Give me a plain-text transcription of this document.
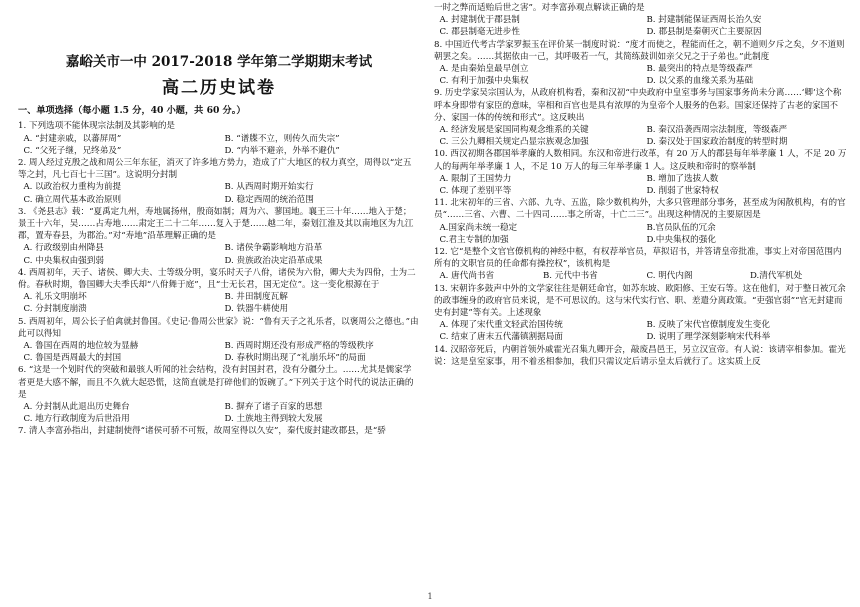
嘉峪关市一中 2017-2018 学年第二学期期末考试
高二历史试卷
一、单项选择（每小题 1.5 分，40 小题，共 60 分。）
1. 下列选项不能体现宗法制及其影响的是
A. “封建亲戚，以蕃屏周”	B. “谱牒不立，则传久而失宗”
C. “父死子继，兄终弟及”	D. “内举不避亲，外举不避仇”
2. 周人经过克殷之战和周公三年东征，消灭了许多地方势力，造成了广大地区的权力真空，周得以“定五等之封，凡七百七十三国”。这说明分封制
A. 以政治权力重构为前提	B. 从西周时期开始实行
C. 确立周代基本政治原则	D. 稳定西周的统治范围
3. 《尧县志》载：“夏禹定九州，寿地属扬州，殷商如制；周为六、蓼国地。襄王三十年……地入于楚；景王十六年，吴……占寿地……肃定王二十二年……复入于楚……越二年，秦划江淮及其以南地区为九江郡，置寿春县，为郡治。”对“寿地”沿革理解正确的是
A. 行政级别由州降县	B. 诸侯争霸影响地方沿革
C. 中央集权由强到弱	D. 贵族政治决定沿革成果
4. 西周初年，天子、诸侯、卿大夫、士等级分明，宴乐时天子八佾，诸侯为六佾，卿大夫为四佾，士为二佾。春秋时期，鲁国卿大夫季氏却“八佾舞于庭”，且“士无长君，国无定位”。这一变化根源在于
A. 礼乐文明崩坏	B. 井田制度瓦解
C. 分封制度崩溃	D. 铁器牛耕使用
5. 西周初年，周公长子伯禽就封鲁国。《史记·鲁周公世家》说：“鲁有天子之礼乐者，以褒周公之德也。”由此可以得知
A. 鲁国在西周的地位较为显赫	B. 西周时期还没有形成严格的等级秩序
C. 鲁国是西周最大的封国	D. 春秋时期出现了“礼崩乐坏”的局面
6. “这是一个划时代的突破和最骇人听闻的社会结构，没有封国封君，没有分疆分土。……尤其是儒家学者更是大感不解，而且不久就大起恐慌，这简直就是打碎他们的饭碗了。”下列关于这个时代的说法正确的是
A. 分封制从此退出历史舞台	B. 摒弃了诸子百家的思想
C. 地方行政制度为后世沿用	D. 土族地主得到较大发展
7. 清人李富孙指出，封建制使得“诸侯可骄不可叛，故周室得以久安”，秦代废封建改郡县，是“骄
一时之弊而适贻后世之害”。对李富孙观点解读正确的是
A. 封建制优于郡县制	B. 封建制能保证西周长治久安
C. 郡县制毫无进步性	D. 郡县制是秦朝灭亡主要原因
8. 中国近代考古学家罗振玉在评价某一制度时说：“度才而使之，程能而任之，朝不道则夕斥之矣，夕不道则朝罢之矣。……其据依由一己，其呼吸若一气，其简练鼓训如亲父兄之于子弟也。”此制度
A. 是由秦始皇最早创立	B. 最突出的特点是等级森严
C. 有利于加强中央集权	D. 以父系的血缘关系为基础
9. 历史学家吴宗国认为，从政府机构看，秦和汉初“中央政府中皇室事务与国家事务尚未分离……‘卿’这个称呼本身即带有家臣的意味，宰相和百官也是具有浓厚的为皇帝个人服务的色彩。国家还保持了古老的家国不分、家国一体的传统和形式”。这反映出
A. 经济发展是家国同构观念维系的关键	B. 秦汉沿袭西周宗法制度，等级森严
C. 三公九卿相关规定凸显宗族观念加强	D. 秦汉处于国家政治制度的转型时期
10. 西汉初期各郡国举孝廉的人数相同。东汉和帝进行改革，有 20 万人的郡县每年举孝廉 1 人，不足 20 万人的每两年举孝廉 1 人，不足 10 万人的每三年举孝廉 1 人。这反映和帝时的察举制
A. 限制了王国势力	B. 增加了选拔人数
C. 体现了差别平等	D. 削弱了世家特权
11. 北宋初年的三省、六部、九寺、五监，除少数机构外，大多只管理部分事务，甚至成为闲散机构，有的官员“……三省、六曹、二十四司……事之所寄，十亡二三”。出现这种情况的主要原因是
A.国家尚未统一稳定	B.官员队伍的冗余
C.君主专制的加强	D.中央集权的强化
12. 它“是整个文官官僚机构的神经中枢，有权荐举官员，草拟诏书，并答请皇帝批准，事实上对帝国范围内所有的文职官员的任命都有操控权”，该机构是
A. 唐代尚书省	B. 元代中书省	C. 明代内阁	D.清代军机处
13. 宋朝许多鼓声中外的文学家往往是朝廷命官，如苏东坡、欧阳修、王安石等。这在他们，对于整日被冗余的政事缠身的政府官员来说，是不可思议的。这与宋代实行官、职、差遣分离政策。“吏强官弱”“官无封建而史有封建”等有关。上述现象
A. 体现了宋代重文轻武治国传统	B. 反映了宋代官僚制度发生变化
C. 结束了唐末五代藩镇割据局面	D. 说明了理学深刻影响宋代科举
14. 汉昭帝死后，内朝首领外戚霍光召集九卿开会，敲废昌邑王，另立汉宣帝。有人说：该请宰相参加。霍光说：这是皇室家事，用不着丞相参加，我们只需议定后请示皇太后就行了。这实质上反
1
